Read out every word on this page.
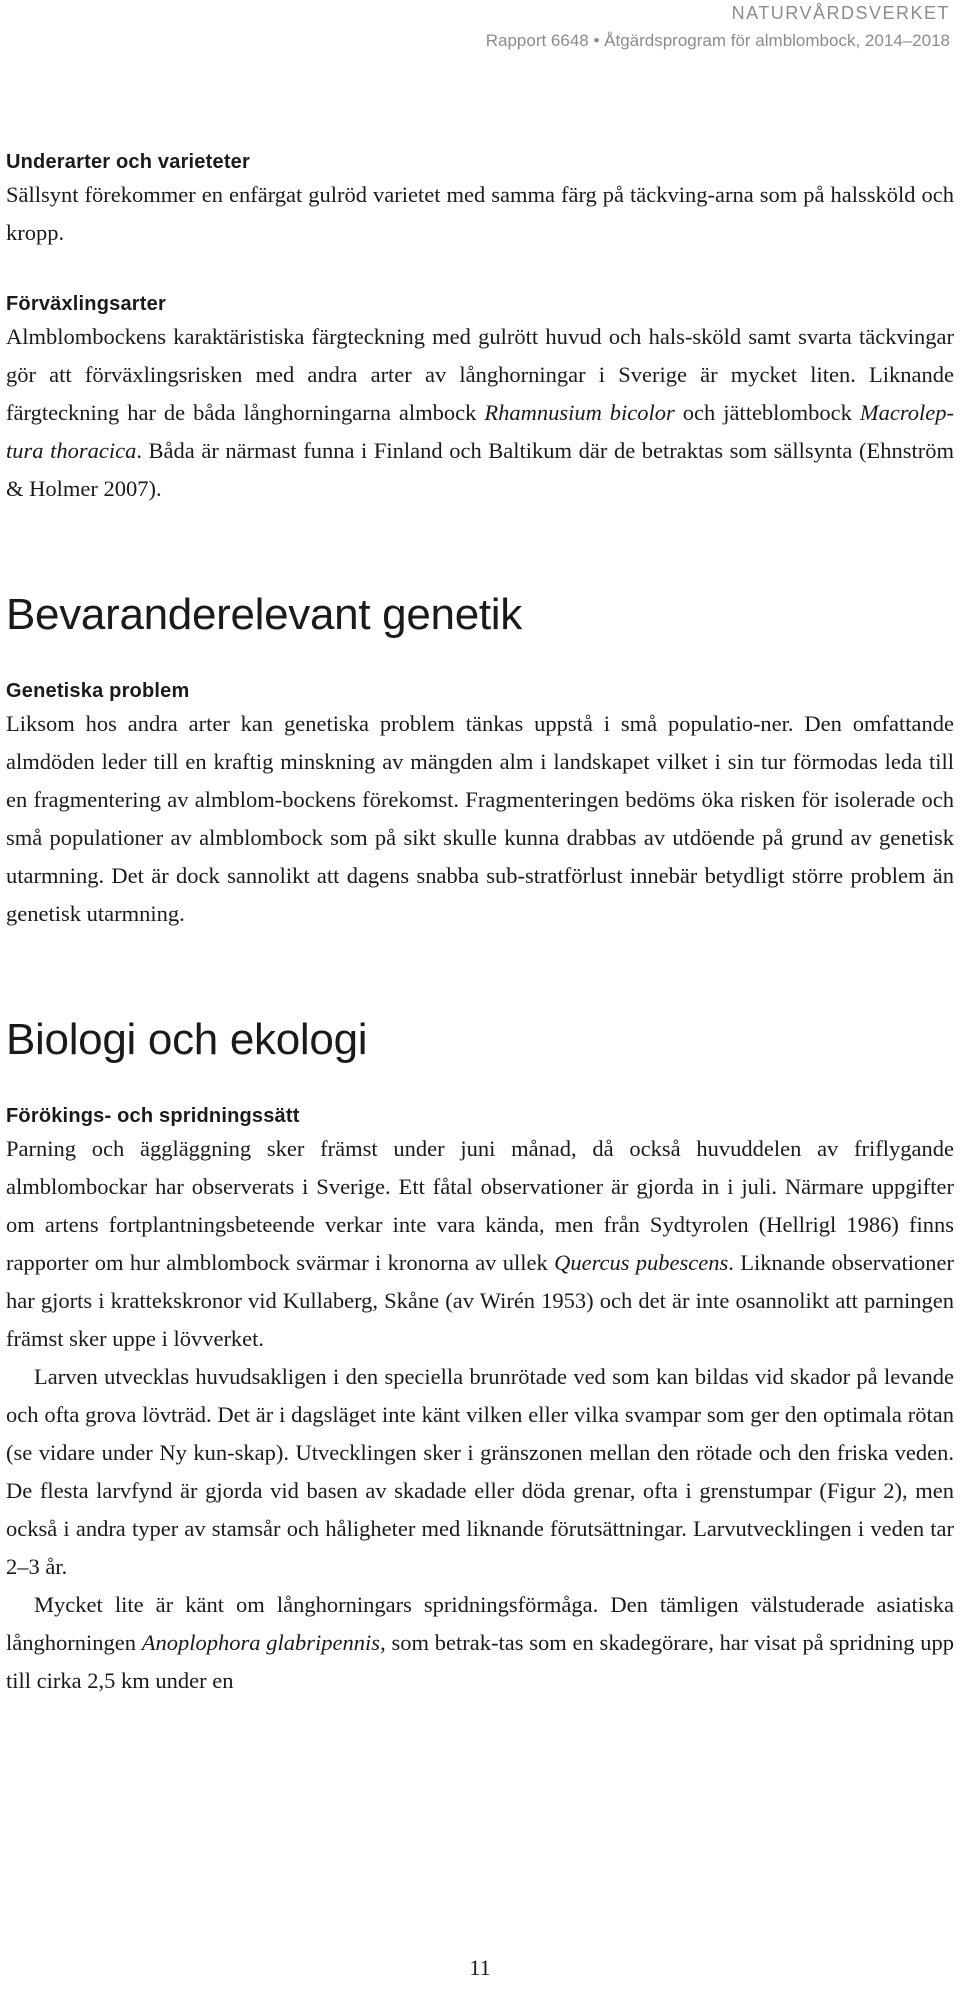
NATURVÅRDSVERKET
Rapport 6648 • Åtgärdsprogram för almblombock, 2014–2018
Underarter och varieteter

Sällsynt förekommer en enfärgat gulröd varietet med samma färg på täckving-arna som på halssköld och kropp.

Förväxlingsarter

Almblombockens karaktäristiska färgteckning med gulrött huvud och hals-sköld samt svarta täckvingar gör att förväxlingsrisken med andra arter av långhorningar i Sverige är mycket liten. Liknande färgteckning har de båda långhorningarna almbock Rhamnusium bicolor och jätteblombock Macrolep-tura thoracica. Båda är närmast funna i Finland och Baltikum där de betraktas som sällsynta (Ehnström & Holmer 2007).

Bevaranderelevant genetik
Genetiska problem

Liksom hos andra arter kan genetiska problem tänkas uppstå i små populatio-ner. Den omfattande almdöden leder till en kraftig minskning av mängden alm i landskapet vilket i sin tur förmodas leda till en fragmentering av almblom-bockens förekomst. Fragmenteringen bedöms öka risken för isolerade och små populationer av almblombock som på sikt skulle kunna drabbas av utdöende på grund av genetisk utarmning. Det är dock sannolikt att dagens snabba sub-stratförlust innebär betydligt större problem än genetisk utarmning.

Biologi och ekologi
Förökings- och spridningssätt

Parning och äggläggning sker främst under juni månad, då också huvuddelen av friflygande almblombockar har observerats i Sverige. Ett fåtal observationer är gjorda in i juli. Närmare uppgifter om artens fortplantningsbeteende verkar inte vara kända, men från Sydtyrolen (Hellrigl 1986) finns rapporter om hur almblombock svärmar i kronorna av ullek Quercus pubescens. Liknande observationer har gjorts i krattekskronor vid Kullaberg, Skåne (av Wirén 1953) och det är inte osannolikt att parningen främst sker uppe i lövverket.

Larven utvecklas huvudsakligen i den speciella brunrötade ved som kan bildas vid skador på levande och ofta grova lövträd. Det är i dagsläget inte känt vilken eller vilka svampar som ger den optimala rötan (se vidare under Ny kun-skap). Utvecklingen sker i gränszonen mellan den rötade och den friska veden. De flesta larvfynd är gjorda vid basen av skadade eller döda grenar, ofta i grenstumpar (Figur 2), men också i andra typer av stamsår och håligheter med liknande förutsättningar. Larvutvecklingen i veden tar 2–3 år.

Mycket lite är känt om långhorningars spridningsförmåga. Den tämligen välstuderade asiatiska långhorningen Anoplophora glabripennis, som betrak-tas som en skadegörare, har visat på spridning upp till cirka 2,5 km under en

11
